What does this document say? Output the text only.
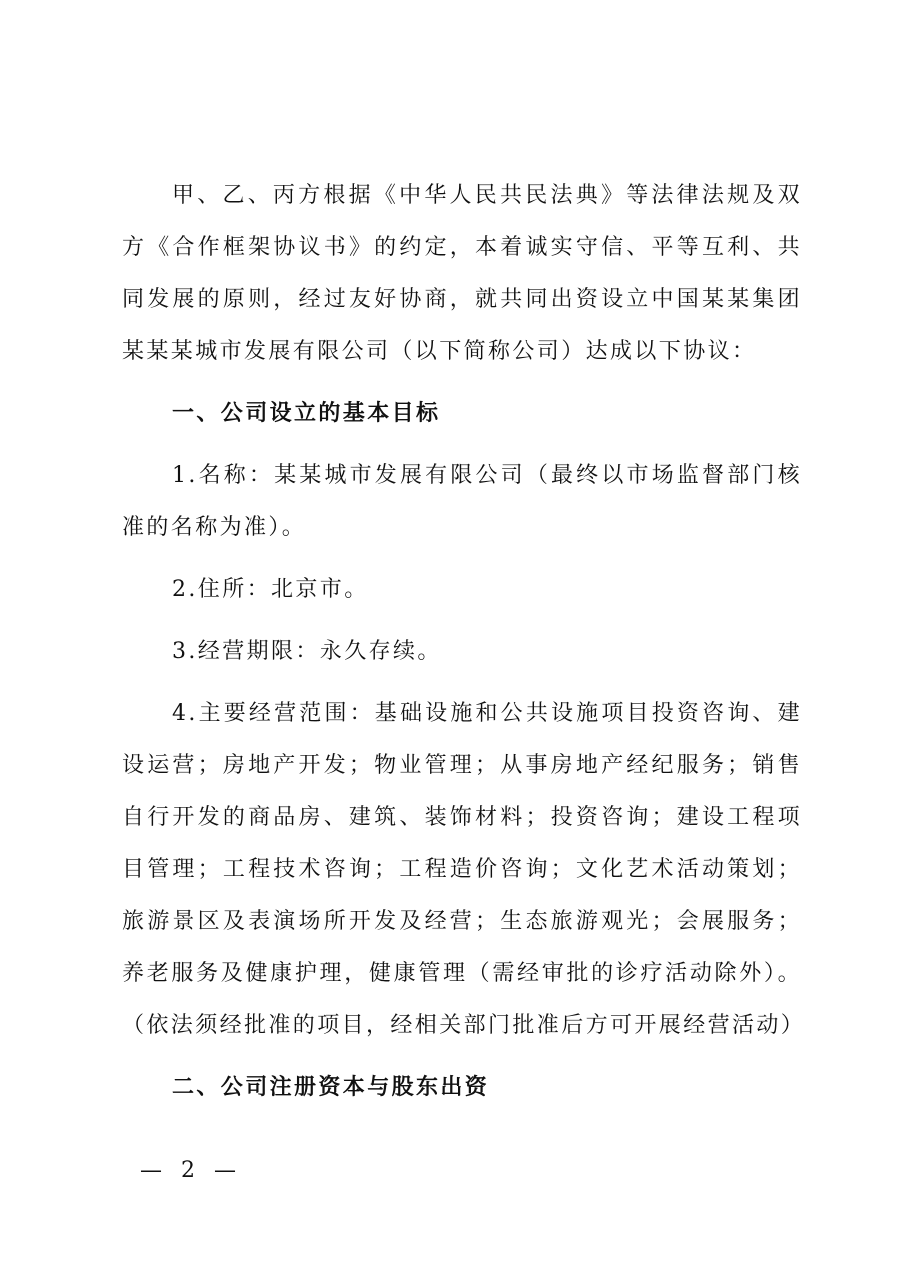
甲、乙、丙方根据《中华人民共民法典》等法律法规及双方《合作框架协议书》的约定，本着诚实守信、平等互利、共同发展的原则，经过友好协商，就共同出资设立中国某某集团某某某城市发展有限公司（以下简称公司）达成以下协议：

一、公司设立的基本目标

1.名称：某某城市发展有限公司（最终以市场监督部门核准的名称为准）。

2.住所：北京市。

3.经营期限：永久存续。

4.主要经营范围：基础设施和公共设施项目投资咨询、建设运营；房地产开发；物业管理；从事房地产经纪服务；销售自行开发的商品房、建筑、装饰材料；投资咨询；建设工程项目管理；工程技术咨询；工程造价咨询；文化艺术活动策划；旅游景区及表演场所开发及经营；生态旅游观光；会展服务；养老服务及健康护理，健康管理（需经审批的诊疗活动除外）。（依法须经批准的项目，经相关部门批准后方可开展经营活动）

二、公司注册资本与股东出资

— 2 —
